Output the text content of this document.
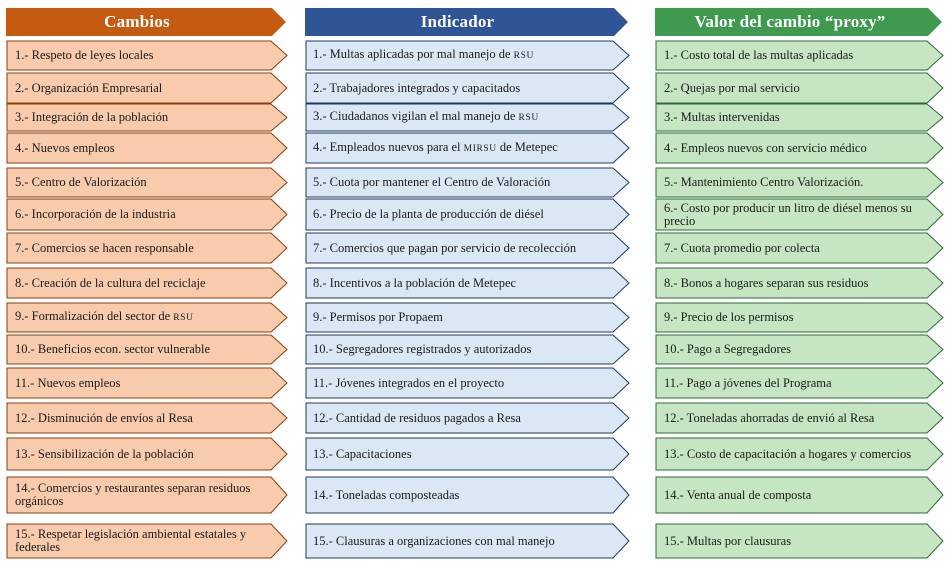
Cambios
1.- Respeto de leyes locales
2.- Organización Empresarial
3.- Integración de la población
4.- Nuevos empleos
5.- Centro de Valorización
6.- Incorporación de la industria
7.- Comercios se hacen responsable
8.- Creación de la cultura del reciclaje
9.- Formalización del sector de RSU
10.- Beneficios econ. sector vulnerable
11.- Nuevos empleos
12.- Disminución de envíos al Resa
13.- Sensibilización de la población
14.- Comercios y restaurantes separan residuos orgánicos
15.- Respetar legislación ambiental estatales y federales
Indicador
1.- Multas aplicadas por mal manejo de RSU
2.- Trabajadores integrados y capacitados
3.- Ciudadanos vigilan el mal manejo de RSU
4.- Empleados nuevos para el MIRSU de Metepec
5.- Cuota por mantener el Centro de Valoración
6.- Precio de la planta de producción de diésel
7.- Comercios que pagan por servicio de recolección
8.- Incentivos a la población de Metepec
9.- Permisos por Propaem
10.- Segregadores registrados y autorizados
11.- Jóvenes integrados en el proyecto
12.- Cantidad de residuos pagados a Resa
13.- Capacitaciones
14.- Toneladas composteadas
15.- Clausuras a organizaciones con mal manejo
Valor del cambio “proxy”
1.- Costo total de las multas aplicadas
2.- Quejas por mal servicio
3.- Multas intervenidas
4.- Empleos nuevos con servicio médico
5.- Mantenimiento Centro Valorización.
6.- Costo por producir un litro de diésel menos su precio
7.- Cuota promedio por colecta
8.- Bonos a hogares separan sus residuos
9.- Precio de los permisos
10.- Pago a Segregadores
11.- Pago a jóvenes del Programa
12.- Toneladas ahorradas de envió al Resa
13.- Costo de capacitación a hogares y comercios
14.- Venta anual de composta
15.- Multas por clausuras
